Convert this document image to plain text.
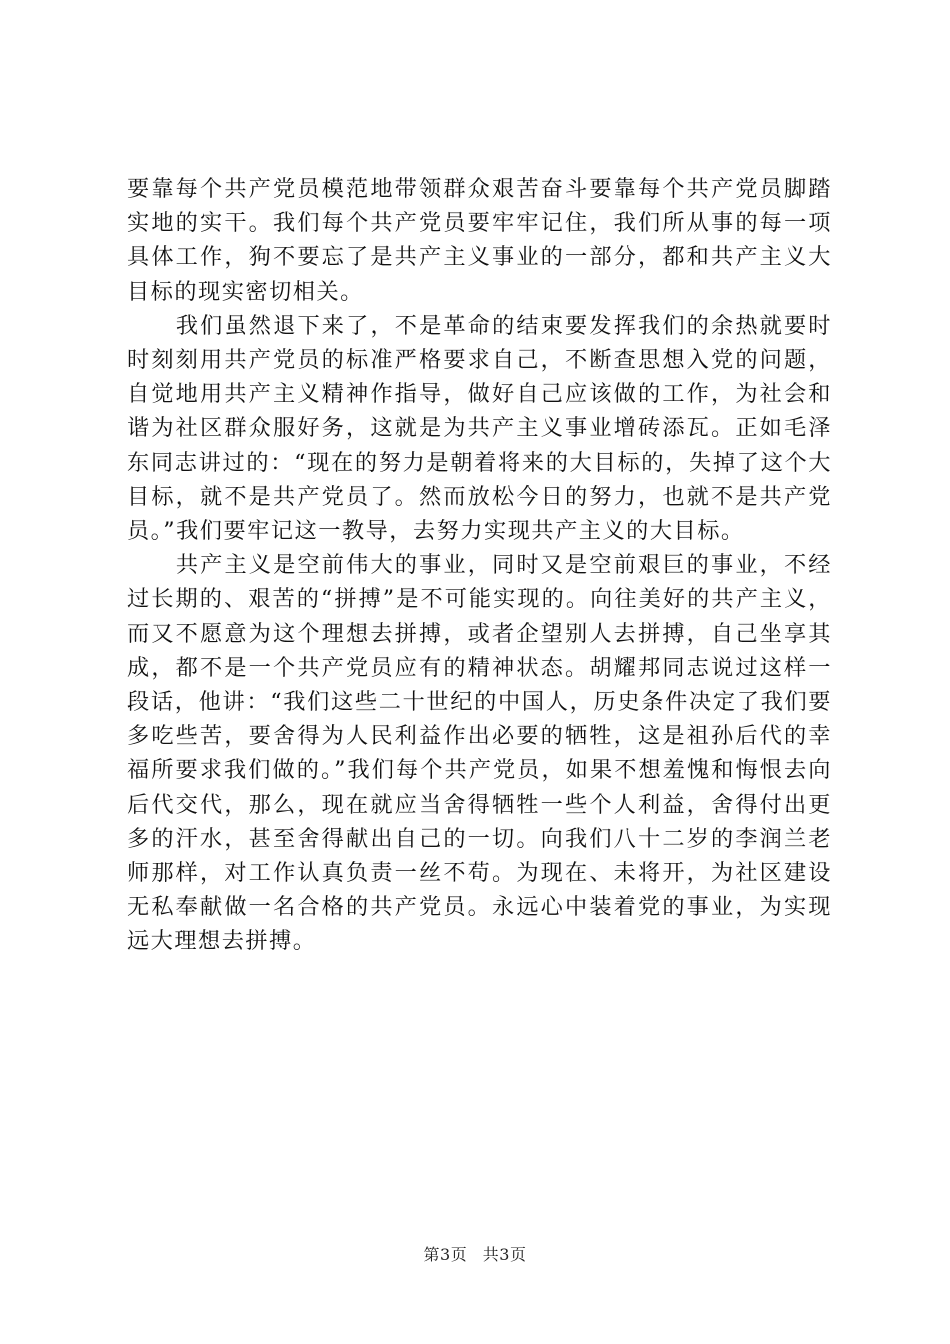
要靠每个共产党员模范地带领群众艰苦奋斗要靠每个共产党员脚踏实地的实干。我们每个共产党员要牢牢记住，我们所从事的每一项具体工作，狗不要忘了是共产主义事业的一部分，都和共产主义大目标的现实密切相关。

我们虽然退下来了，不是革命的结束要发挥我们的余热就要时时刻刻用共产党员的标准严格要求自己，不断查思想入党的问题，自觉地用共产主义精神作指导，做好自己应该做的工作，为社会和谐为社区群众服好务，这就是为共产主义事业增砖添瓦。正如毛泽东同志讲过的：“现在的努力是朝着将来的大目标的，失掉了这个大目标，就不是共产党员了。然而放松今日的努力，也就不是共产党员。”我们要牢记这一教导，去努力实现共产主义的大目标。

共产主义是空前伟大的事业，同时又是空前艰巨的事业，不经过长期的、艰苦的“拼搏”是不可能实现的。向往美好的共产主义，而又不愿意为这个理想去拼搏，或者企望别人去拼搏，自己坐享其成，都不是一个共产党员应有的精神状态。胡耀邦同志说过这样一段话，他讲：“我们这些二十世纪的中国人，历史条件决定了我们要多吃些苦，要舍得为人民利益作出必要的牺牲，这是祖孙后代的幸福所要求我们做的。”我们每个共产党员，如果不想羞愧和悔恨去向后代交代，那么，现在就应当舍得牺牲一些个人利益，舍得付出更多的汗水，甚至舍得献出自己的一切。向我们八十二岁的李润兰老师那样，对工作认真负责一丝不苟。为现在、未将开，为社区建设无私奉献做一名合格的共产党员。永远心中装着党的事业，为实现远大理想去拼搏。

第3页 共3页
